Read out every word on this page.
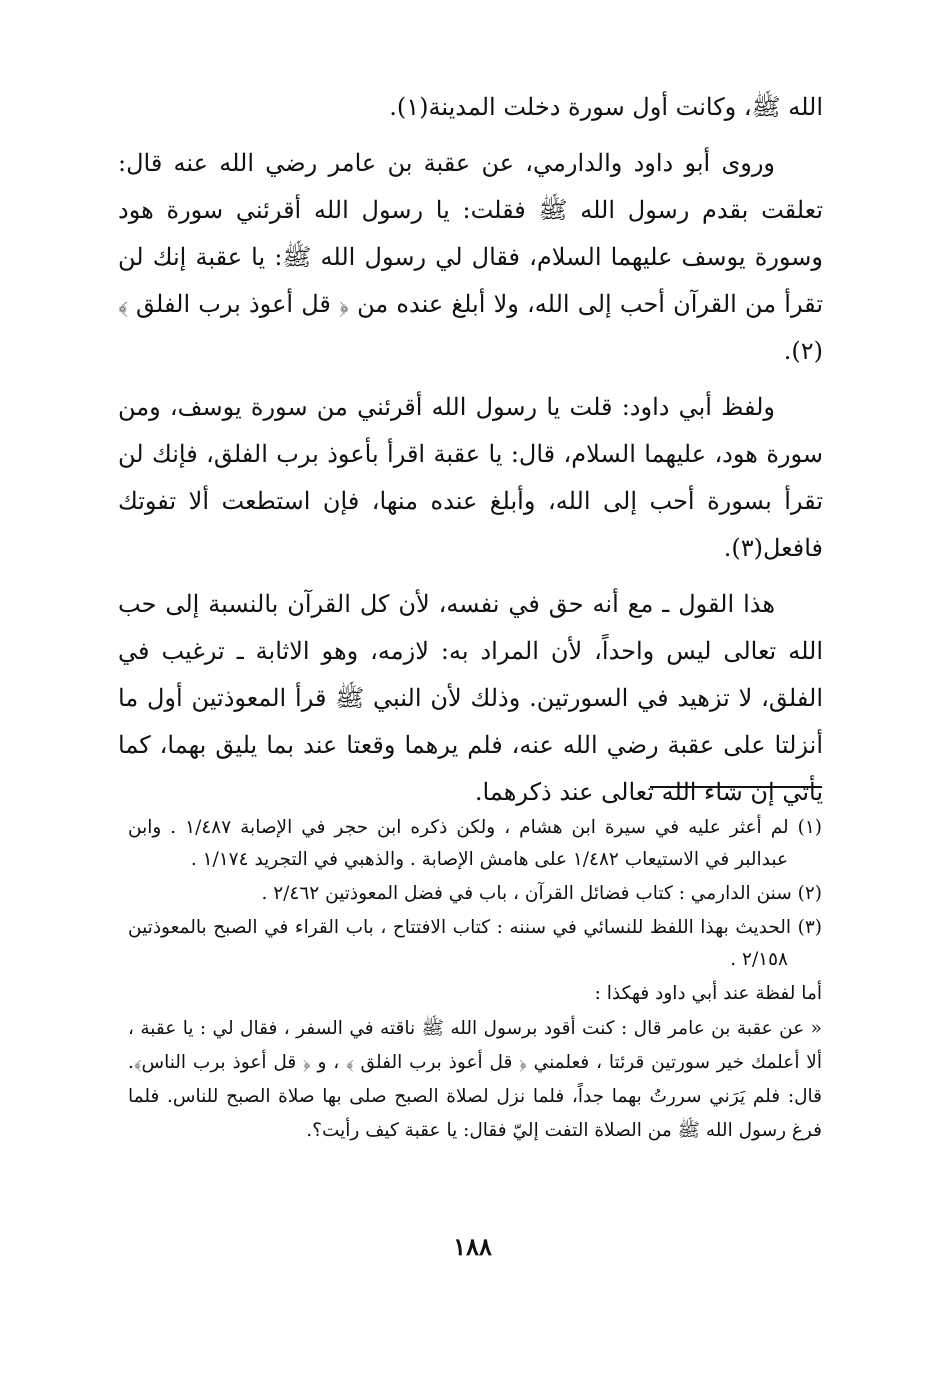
الله ﷺ، وكانت أول سورة دخلت المدينة(١).

وروى أبو داود والدارمي، عن عقبة بن عامر رضي الله عنه قال: تعلقت بقدم رسول الله ﷺ فقلت: يا رسول الله أقرئني سورة هود وسورة يوسف عليهما السلام، فقال لي رسول الله ﷺ: يا عقبة إنك لن تقرأ من القرآن أحب إلى الله، ولا أبلغ عنده من ﴿ قل أعوذ برب الفلق ﴾(٢).

ولفظ أبي داود: قلت يا رسول الله أقرئني من سورة يوسف، ومن سورة هود، عليهما السلام، قال: يا عقبة اقرأ بأعوذ برب الفلق، فإنك لن تقرأ بسورة أحب إلى الله، وأبلغ عنده منها، فإن استطعت ألا تفوتك فافعل(٣).

هذا القول ـ مع أنه حق في نفسه، لأن كل القرآن بالنسبة إلى حب الله تعالى ليس واحداً، لأن المراد به: لازمه، وهو الاثابة ـ ترغيب في الفلق، لا تزهيد في السورتين. وذلك لأن النبي ﷺ قرأ المعوذتين أول ما أنزلتا على عقبة رضي الله عنه، فلم يرهما وقعتا عند بما يليق بهما، كما يأتي إن شاء الله تعالى عند ذكرهما.

(١) لم أعثر عليه في سيرة ابن هشام ، ولكن ذكره ابن حجر في الإصابة ١/٤٨٧ . وابن عبدالبر في الاستيعاب ١/٤٨٢ على هامش الإصابة . والذهبي في التجريد ١/١٧٤ .

(٢) سنن الدارمي : كتاب فضائل القرآن ، باب في فضل المعوذتين ٢/٤٦٢ .

(٣) الحديث بهذا اللفظ للنسائي في سننه : كتاب الافتتاح ، باب القراء في الصبح بالمعوذتين ٢/١٥٨ .

أما لفظة عند أبي داود فهكذا :

« عن عقبة بن عامر قال : كنت أقود برسول الله ﷺ ناقته في السفر ، فقال لي : يا عقبة ، ألا أعلمك خير سورتين قرئتا ، فعلمني ﴿ قل أعوذ برب الفلق ﴾ ، و ﴿ قل أعوذ برب الناس﴾. قال: فلم يَرَني سررتُ بهما جداً، فلما نزل لصلاة الصبح صلى بها صلاة الصبح للناس. فلما فرغ رسول الله ﷺ من الصلاة التفت إليّ فقال: يا عقبة كيف رأيت؟.

١٨٨
